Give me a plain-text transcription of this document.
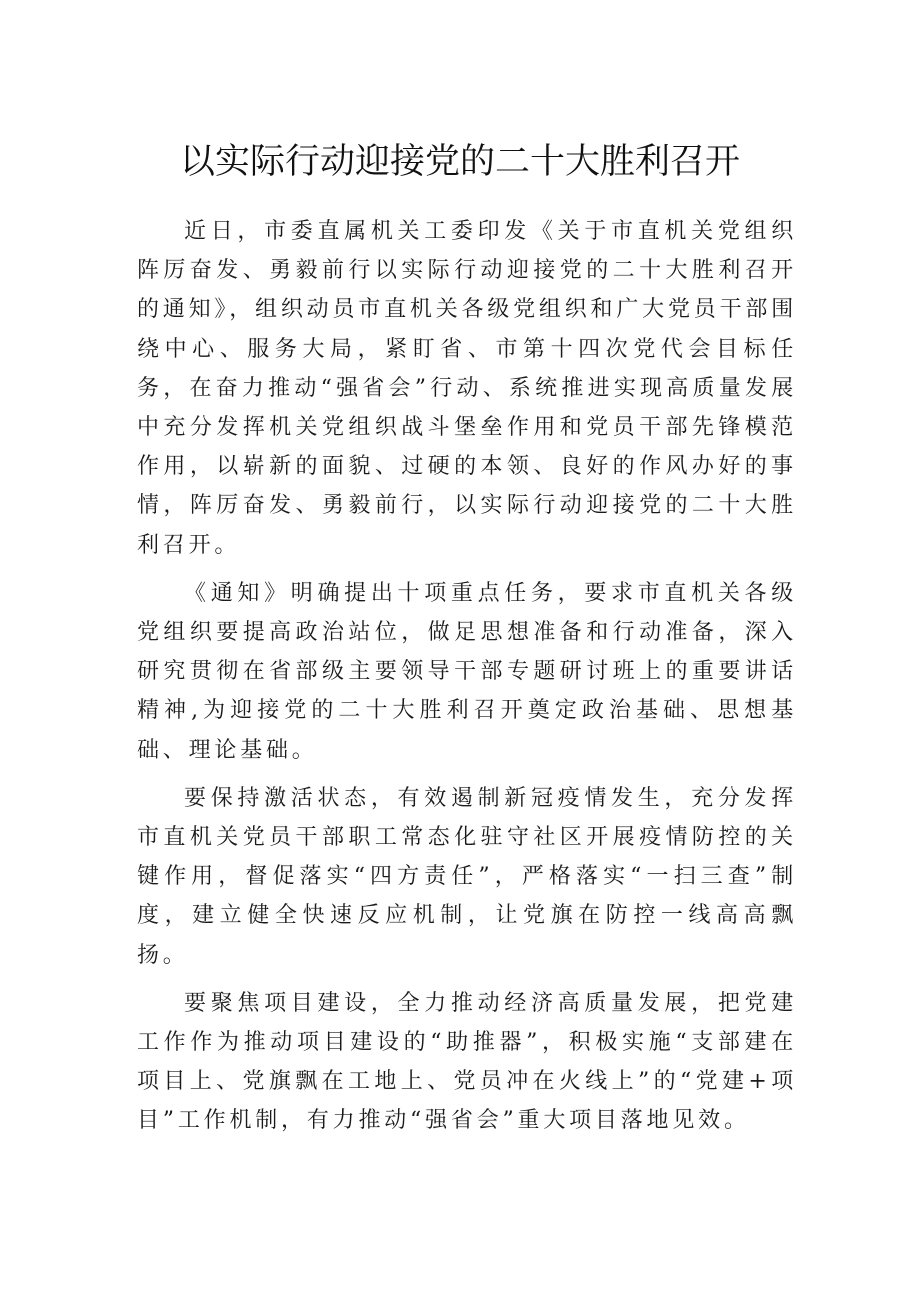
以实际行动迎接党的二十大胜利召开

近日，市委直属机关工委印发《关于市直机关党组织阵厉奋发、勇毅前行以实际行动迎接党的二十大胜利召开的通知》，组织动员市直机关各级党组织和广大党员干部围绕中心、服务大局，紧盯省、市第十四次党代会目标任务，在奋力推动“强省会”行动、系统推进实现高质量发展中充分发挥机关党组织战斗堡垒作用和党员干部先锋模范作用，以崭新的面貌、过硬的本领、良好的作风办好的事情，阵厉奋发、勇毅前行，以实际行动迎接党的二十大胜利召开。

《通知》明确提出十项重点任务，要求市直机关各级党组织要提高政治站位，做足思想准备和行动准备，深入研究贯彻在省部级主要领导干部专题研讨班上的重要讲话精神,为迎接党的二十大胜利召开奠定政治基础、思想基础、理论基础。

要保持激活状态，有效遏制新冠疫情发生，充分发挥市直机关党员干部职工常态化驻守社区开展疫情防控的关键作用，督促落实“四方责任”，严格落实“一扫三查”制度，建立健全快速反应机制，让党旗在防控一线高高飘扬。

要聚焦项目建设，全力推动经济高质量发展，把党建工作作为推动项目建设的“助推器”，积极实施“支部建在项目上、党旗飘在工地上、党员冲在火线上”的“党建+项目”工作机制，有力推动“强省会”重大项目落地见效。
